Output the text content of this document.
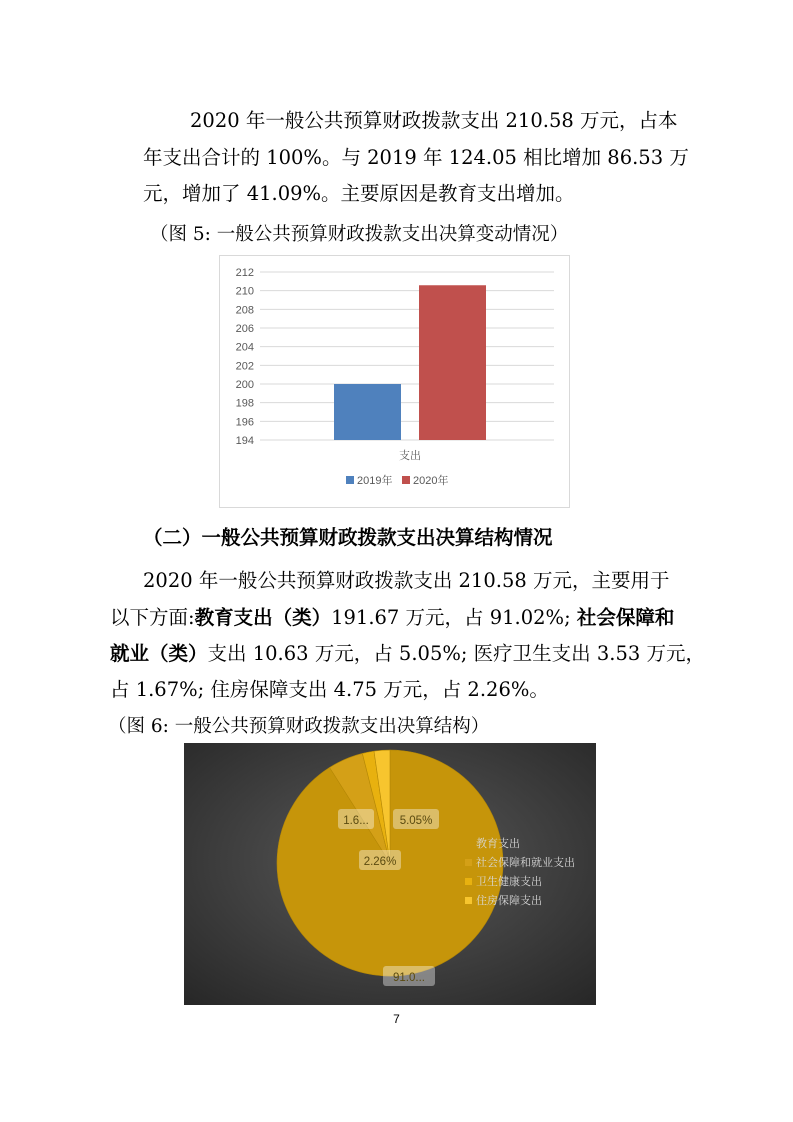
2020 年一般公共预算财政拨款支出 210.58 万元，占本
年支出合计的 100%。与 2019 年 124.05 相比增加 86.53 万
元，增加了 41.09%。主要原因是教育支出增加。
（图 5: 一般公共预算财政拨款支出决算变动情况）
194
196
198
200
202
204
206
208
210
212
支出
2019年 2020年
（二）一般公共预算财政拨款支出决算结构情况
2020 年一般公共预算财政拨款支出 210.58 万元，主要用于
以下方面:教育支出（类）191.67 万元，占 91.02%; 社会保障和
就业（类）支出 10.63 万元，占 5.05%; 医疗卫生支出 3.53 万元，
占 1.67%; 住房保障支出 4.75 万元，占 2.26%。
（图 6: 一般公共预算财政拨款支出决算结构）
91.0...
5.05%
1.6...
2.26%
教育支出
社会保障和就业支出
卫生健康支出
住房保障支出
7
